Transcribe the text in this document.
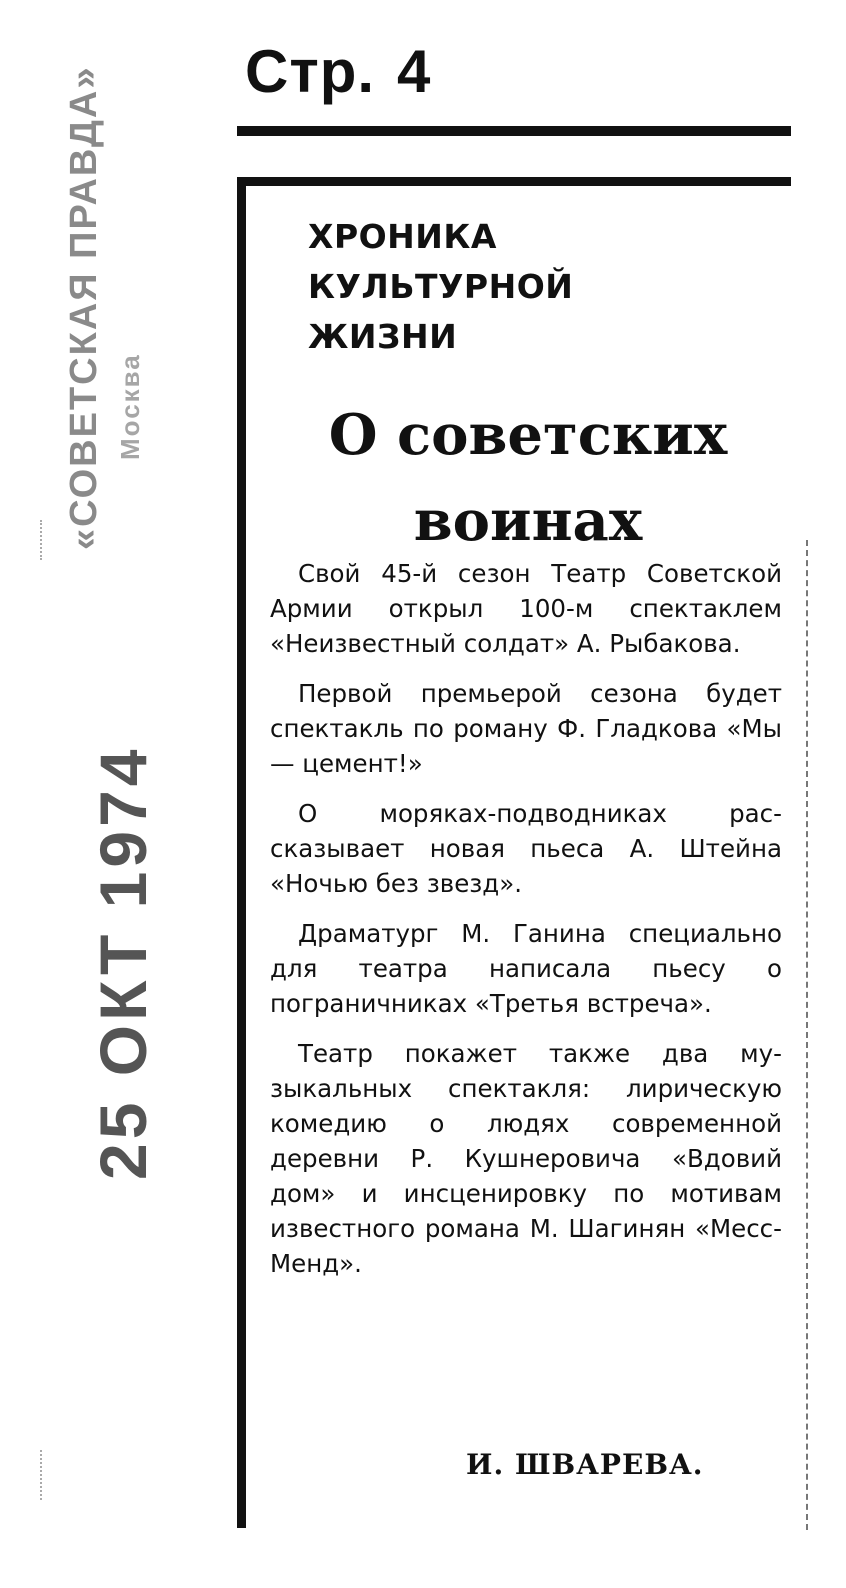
Стр. 4
«СОВЕТСКАЯ ПРАВДА» Москва
25 ОКТ 1974
ХРОНИКА
КУЛЬТУРНОЙ
ЖИЗНИ
О советских воинах

Свой 45-й сезон Театр Советской Армии открыл 100-м спектаклем «Неизвестный солдат» А. Рыбакова.

Первой премьерой сезона будет спектакль по роману Ф. Гладкова «Мы — цемент!»

О моряках-подводниках рассказывает новая пьеса А. Штейна «Ночью без звезд».

Драматург М. Ганина специально для театра написала пьесу о пограничниках «Третья встреча».

Театр покажет также два музыкальных спектакля: лирическую комедию о людях современной деревни Р. Кушнеровича «Вдовий дом» и инсценировку по мотивам известного романа М. Шагинян «Месс-Менд».

И. ШВАРЕВА.
